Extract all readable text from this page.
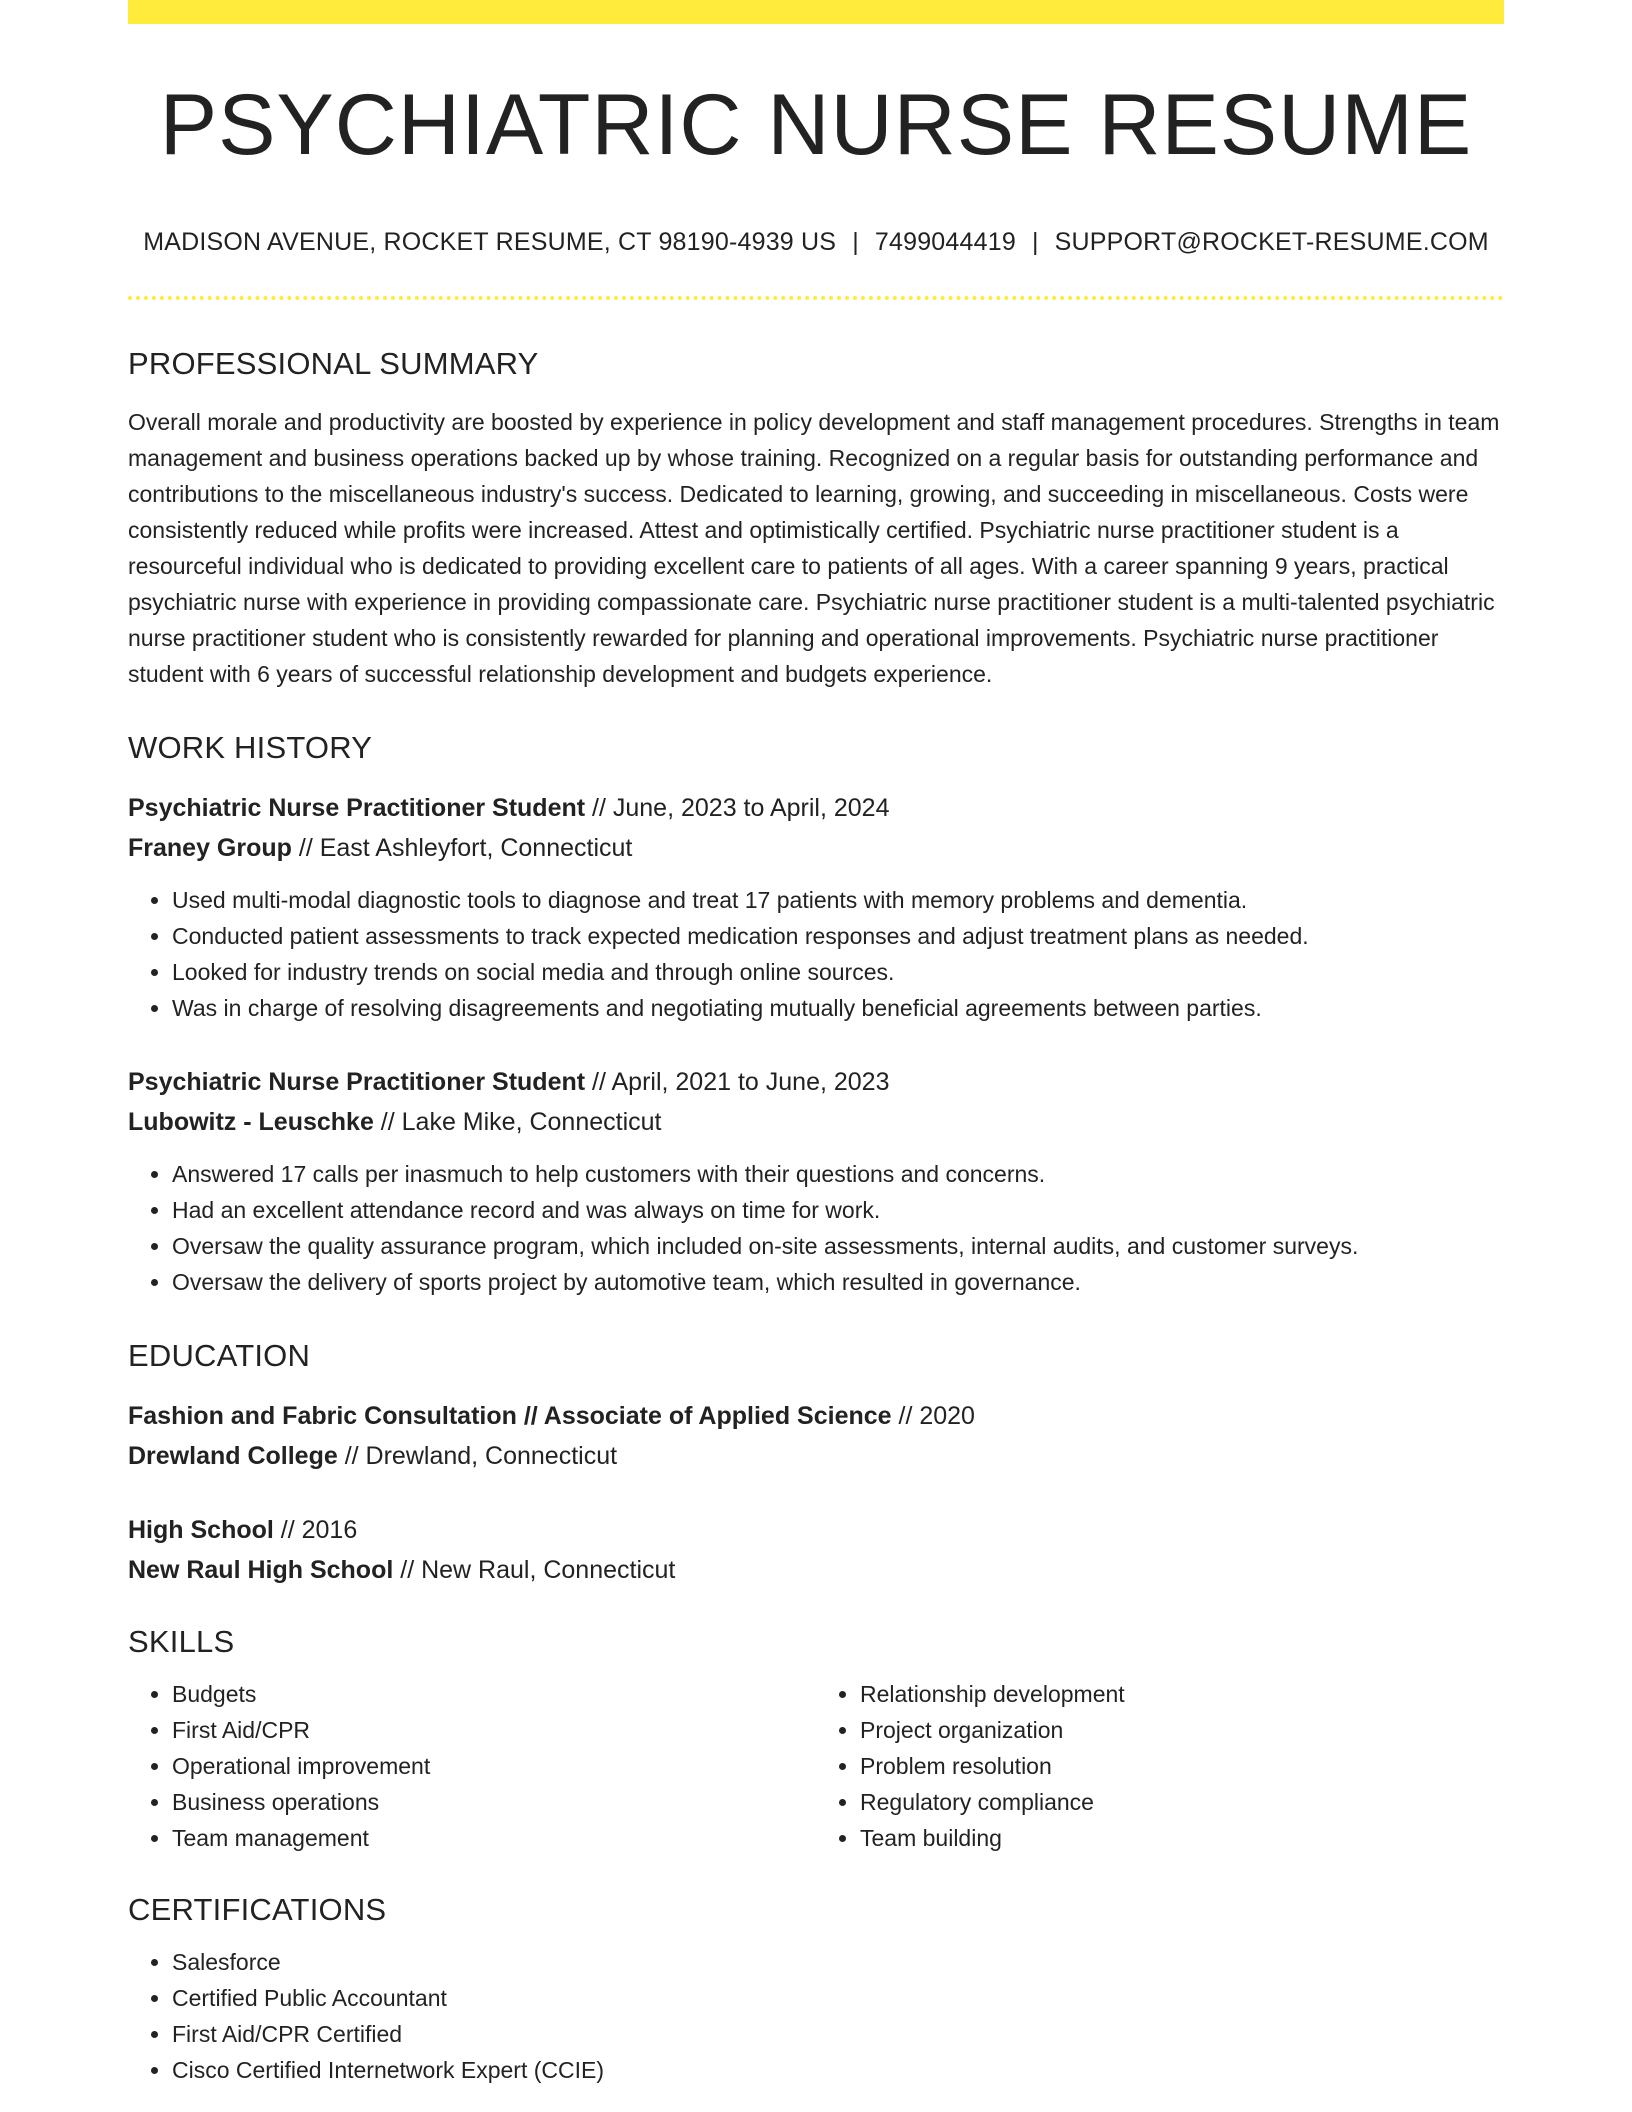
PSYCHIATRIC NURSE RESUME
MADISON AVENUE, ROCKET RESUME, CT 98190-4939 US | 7499044419 | SUPPORT@ROCKET-RESUME.COM
PROFESSIONAL SUMMARY
Overall morale and productivity are boosted by experience in policy development and staff management procedures. Strengths in team management and business operations backed up by whose training. Recognized on a regular basis for outstanding performance and contributions to the miscellaneous industry's success. Dedicated to learning, growing, and succeeding in miscellaneous. Costs were consistently reduced while profits were increased. Attest and optimistically certified. Psychiatric nurse practitioner student is a resourceful individual who is dedicated to providing excellent care to patients of all ages. With a career spanning 9 years, practical psychiatric nurse with experience in providing compassionate care. Psychiatric nurse practitioner student is a multi-talented psychiatric nurse practitioner student who is consistently rewarded for planning and operational improvements. Psychiatric nurse practitioner student with 6 years of successful relationship development and budgets experience.
WORK HISTORY
Psychiatric Nurse Practitioner Student // June, 2023 to April, 2024
Franey Group // East Ashleyfort, Connecticut
• Used multi-modal diagnostic tools to diagnose and treat 17 patients with memory problems and dementia.
• Conducted patient assessments to track expected medication responses and adjust treatment plans as needed.
• Looked for industry trends on social media and through online sources.
• Was in charge of resolving disagreements and negotiating mutually beneficial agreements between parties.
Psychiatric Nurse Practitioner Student // April, 2021 to June, 2023
Lubowitz - Leuschke // Lake Mike, Connecticut
• Answered 17 calls per inasmuch to help customers with their questions and concerns.
• Had an excellent attendance record and was always on time for work.
• Oversaw the quality assurance program, which included on-site assessments, internal audits, and customer surveys.
• Oversaw the delivery of sports project by automotive team, which resulted in governance.
EDUCATION
Fashion and Fabric Consultation // Associate of Applied Science // 2020
Drewland College // Drewland, Connecticut
High School // 2016
New Raul High School // New Raul, Connecticut
SKILLS
• Budgets
• First Aid/CPR
• Operational improvement
• Business operations
• Team management
• Relationship development
• Project organization
• Problem resolution
• Regulatory compliance
• Team building
CERTIFICATIONS
• Salesforce
• Certified Public Accountant
• First Aid/CPR Certified
• Cisco Certified Internetwork Expert (CCIE)
